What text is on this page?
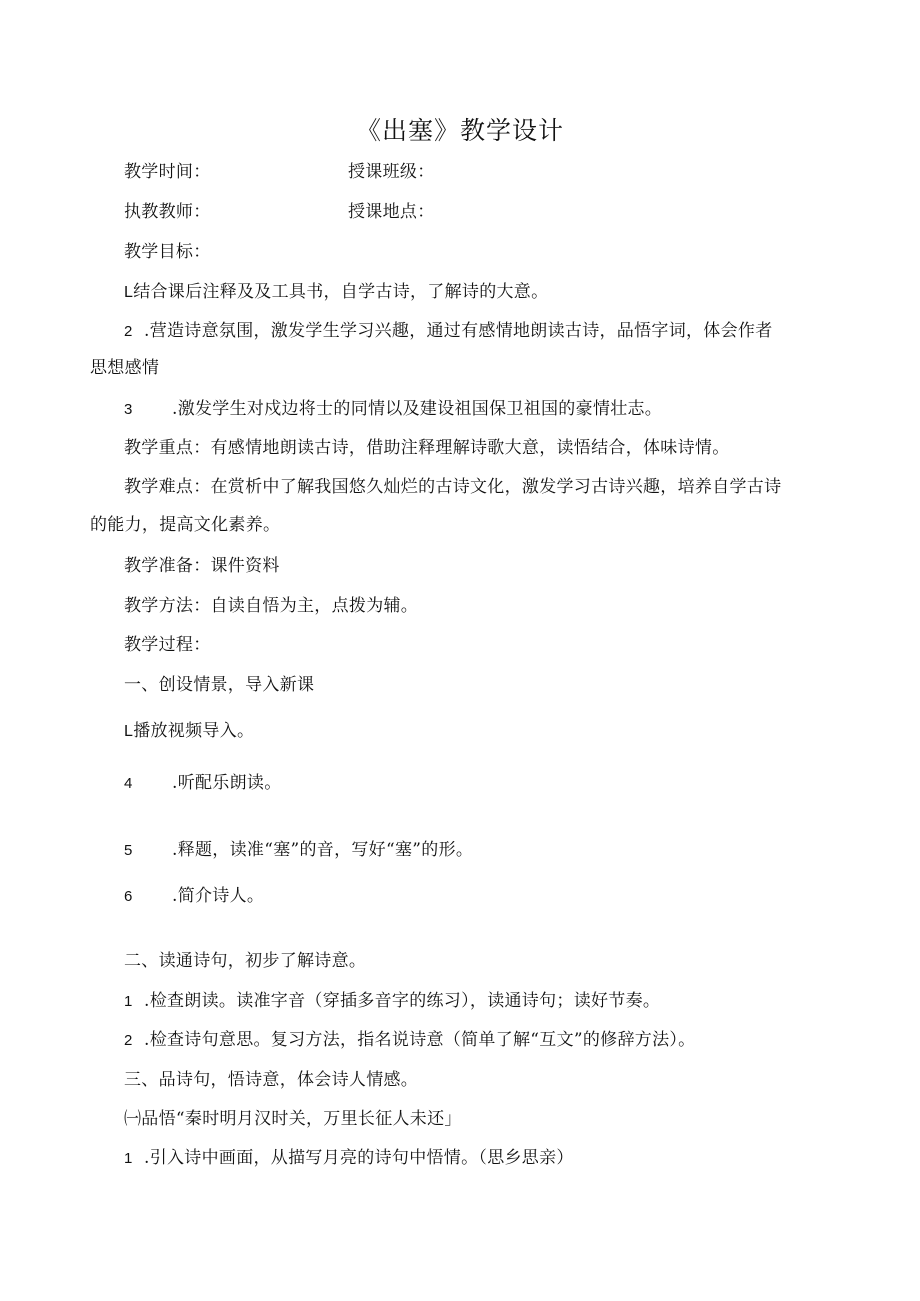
《出塞》教学设计
教学时间：	授课班级：
执教教师：	授课地点：
教学目标：
L结合课后注释及及工具书，自学古诗，了解诗的大意。
2 .营造诗意氛围，激发学生学习兴趣，通过有感情地朗读古诗，品悟字词，体会作者
思想感情
3 .激发学生对戍边将士的同情以及建设祖国保卫祖国的豪情壮志。
教学重点：有感情地朗读古诗，借助注释理解诗歌大意，读悟结合，体味诗情。
教学难点：在赏析中了解我国悠久灿烂的古诗文化，激发学习古诗兴趣，培养自学古诗
的能力，提高文化素养。
教学准备：课件资料
教学方法：自读自悟为主，点拨为辅。
教学过程：
一、创设情景，导入新课
L播放视频导入。
4 .听配乐朗读。
5 .释题，读准“塞”的音，写好“塞”的形。
6 .简介诗人。
二、读通诗句，初步了解诗意。
1 .检查朗读。读准字音（穿插多音字的练习），读通诗句；读好节奏。
2 .检查诗句意思。复习方法，指名说诗意（简单了解“互文”的修辞方法）。
三、品诗句，悟诗意，体会诗人情感。
㈠品悟“秦时明月汉时关，万里长征人未还」
1 .引入诗中画面，从描写月亮的诗句中悟情。（思乡思亲）
